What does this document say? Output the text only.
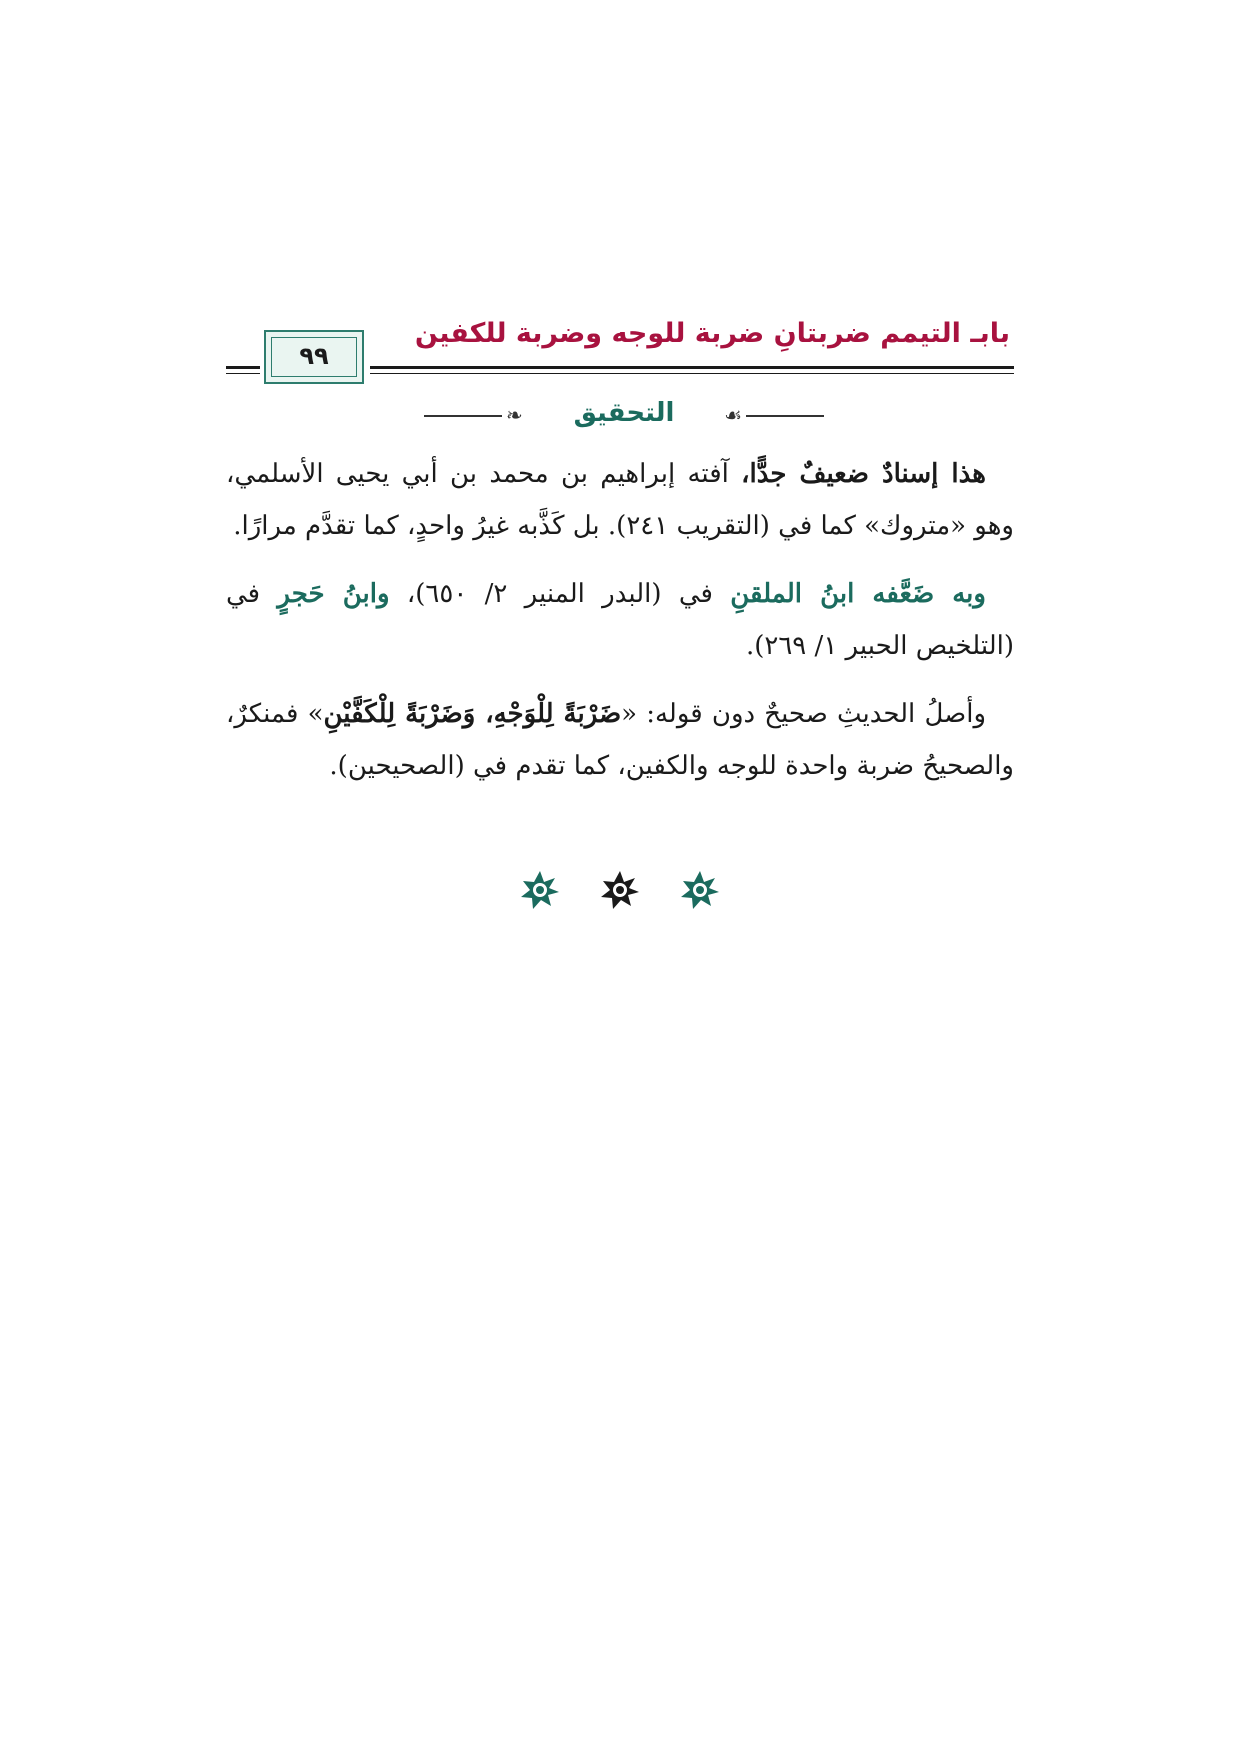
بابـ التيمم ضربتانِ ضربة للوجه وضربة للكفين
٩٩
❧	التحقيق	☙

هذا إسنادٌ ضعيفٌ جدًّا، آفته إبراهيم بن محمد بن أبي يحيى الأسلمي، وهو «متروك» كما في (التقريب ٢٤١). بل كَذَّبه غيرُ واحدٍ، كما تقدَّم مرارًا.

وبه ضَعَّفه ابنُ الملقنِ في (البدر المنير ٢/ ٦٥٠)، وابنُ حَجرٍ في (التلخيص الحبير ١/ ٢٦٩).

وأصلُ الحديثِ صحيحٌ دون قوله: «ضَرْبَةً لِلْوَجْهِ، وَضَرْبَةً لِلْكَفَّيْنِ» فمنكرٌ، والصحيحُ ضربة واحدة للوجه والكفين، كما تقدم في (الصحيحين).
